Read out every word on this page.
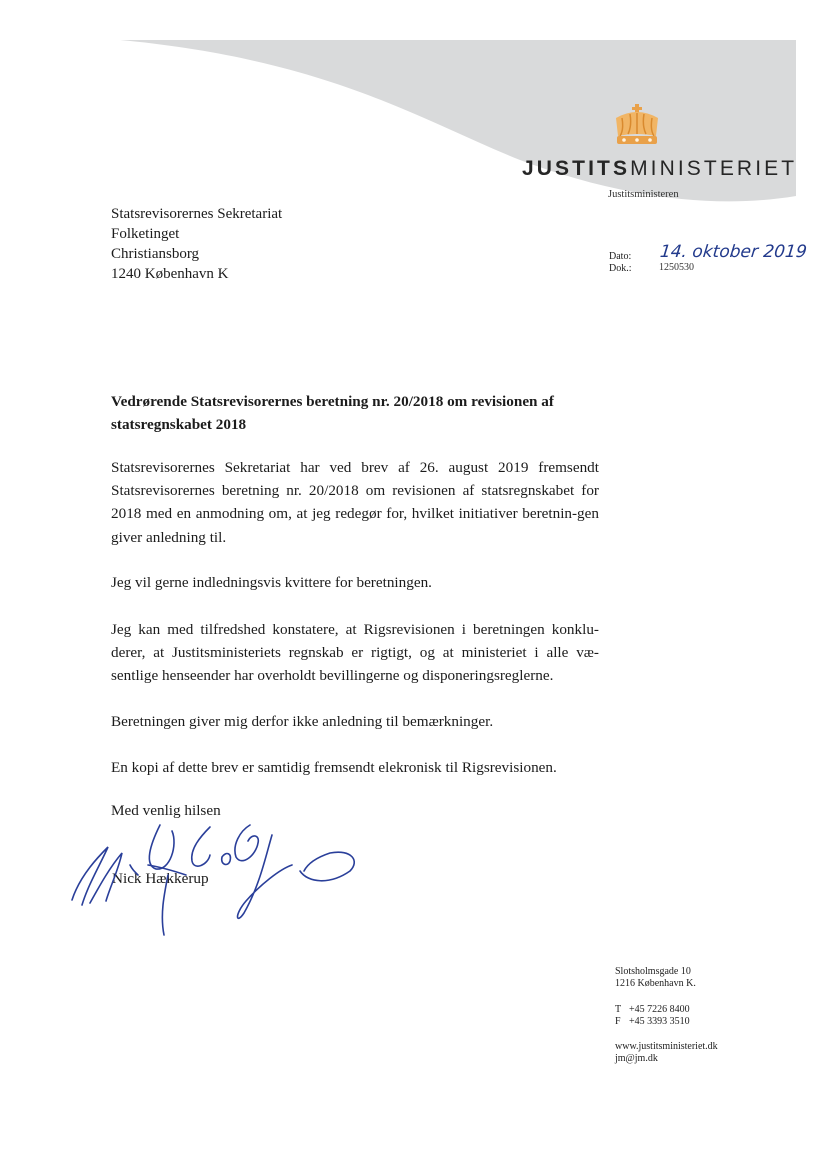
JUSTITSMINISTERIET
Justitsministeren
Statsrevisorernes Sekretariat
Folketinget
Christiansborg
1240 København K
Dato:
Dok.:
14. oktober 2019
1250530
Vedrørende Statsrevisorernes beretning nr. 20/2018 om revisionen af statsregnskabet 2018
Statsrevisorernes Sekretariat har ved brev af 26. august 2019 fremsendt Statsrevisorernes beretning nr. 20/2018 om revisionen af statsregnskabet for 2018 med en anmodning om, at jeg redegør for, hvilket initiativer beretnin-gen giver anledning til.
Jeg vil gerne indledningsvis kvittere for beretningen.
Jeg kan med tilfredshed konstatere, at Rigsrevisionen i beretningen konklu-derer, at Justitsministeriets regnskab er rigtigt, og at ministeriet i alle væ-sentlige henseender har overholdt bevillingerne og disponeringsreglerne.
Beretningen giver mig derfor ikke anledning til bemærkninger.
En kopi af dette brev er samtidig fremsendt elekronisk til Rigsrevisionen.
Med venlig hilsen
Nick Hækkerup
Slotsholmsgade 10
1216 København K.
T +45 7226 8400
F +45 3393 3510
www.justitsministeriet.dk
jm@jm.dk
